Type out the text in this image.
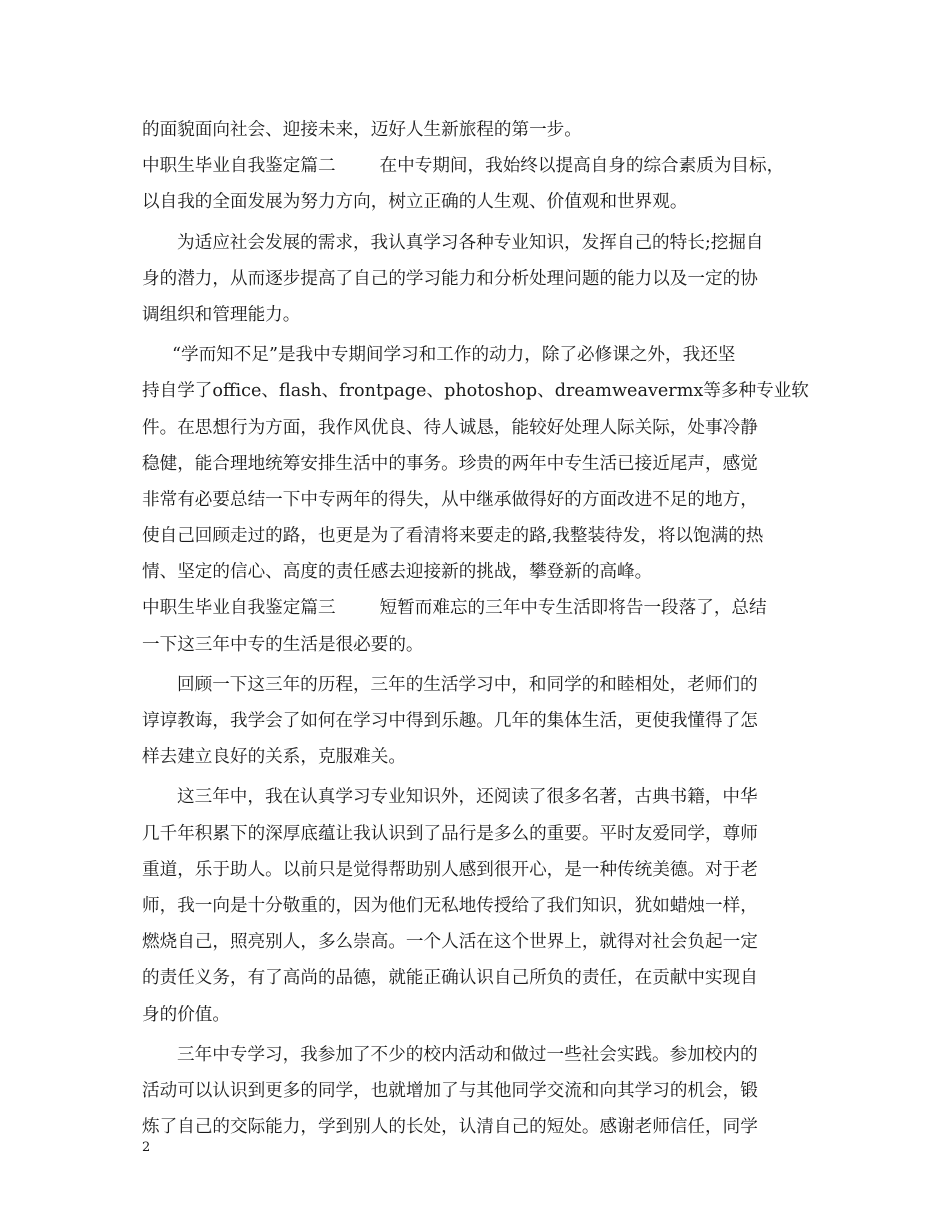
的面貌面向社会、迎接未来，迈好人生新旅程的第一步。
中职生毕业自我鉴定篇二	在中专期间，我始终以提高自身的综合素质为目标，
以自我的全面发展为努力方向，树立正确的人生观、价值观和世界观。
为适应社会发展的需求，我认真学习各种专业知识，发挥自己的特长;挖掘自
身的潜力，从而逐步提高了自己的学习能力和分析处理问题的能力以及一定的协
调组织和管理能力。
“学而知不足”是我中专期间学习和工作的动力，除了必修课之外，我还坚
持自学了office、flash、frontpage、photoshop、dreamweavermx等多种专业软
件。在思想行为方面，我作风优良、待人诚恳，能较好处理人际关际，处事冷静
稳健，能合理地统筹安排生活中的事务。珍贵的两年中专生活已接近尾声，感觉
非常有必要总结一下中专两年的得失，从中继承做得好的方面改进不足的地方，
使自己回顾走过的路，也更是为了看清将来要走的路,我整装待发，将以饱满的热
情、坚定的信心、高度的责任感去迎接新的挑战，攀登新的高峰。
中职生毕业自我鉴定篇三	短暂而难忘的三年中专生活即将告一段落了，总结
一下这三年中专的生活是很必要的。
回顾一下这三年的历程，三年的生活学习中，和同学的和睦相处，老师们的
谆谆教诲，我学会了如何在学习中得到乐趣。几年的集体生活，更使我懂得了怎
样去建立良好的关系，克服难关。
这三年中，我在认真学习专业知识外，还阅读了很多名著，古典书籍，中华
几千年积累下的深厚底蕴让我认识到了品行是多么的重要。平时友爱同学，尊师
重道，乐于助人。以前只是觉得帮助别人感到很开心，是一种传统美德。对于老
师，我一向是十分敬重的，因为他们无私地传授给了我们知识，犹如蜡烛一样，
燃烧自己，照亮别人，多么崇高。一个人活在这个世界上，就得对社会负起一定
的责任义务，有了高尚的品德，就能正确认识自己所负的责任，在贡献中实现自
身的价值。
三年中专学习，我参加了不少的校内活动和做过一些社会实践。参加校内的
活动可以认识到更多的同学，也就增加了与其他同学交流和向其学习的机会，锻
炼了自己的交际能力，学到别人的长处，认清自己的短处。感谢老师信任，同学
2
